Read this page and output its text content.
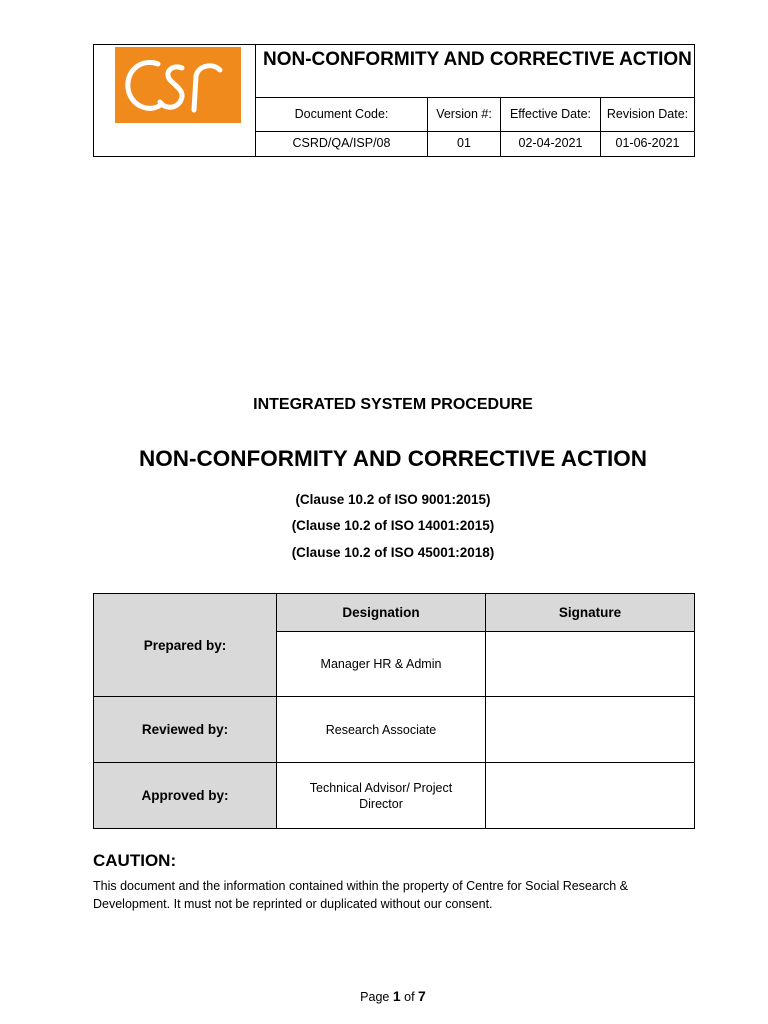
CSR	NON-CONFORMITY AND CORRECTIVE ACTION			
	Document Code:	Version #:	Effective Date:	Revision Date:
	CSRD/QA/ISP/08	01	02-04-2021	01-06-2021
INTEGRATED SYSTEM PROCEDURE
NON-CONFORMITY AND CORRECTIVE ACTION
(Clause 10.2 of ISO 9001:2015)
(Clause 10.2 of ISO 14001:2015)
(Clause 10.2 of ISO 45001:2018)
Prepared by:	Designation	Signature
	Manager HR & Admin	
Reviewed by:	Research Associate	
Approved by:	Technical Advisor/ Project Director	
CAUTION:
This document and the information contained within the property of Centre for Social Research & Development. It must not be reprinted or duplicated without our consent.
Page 1 of 7
